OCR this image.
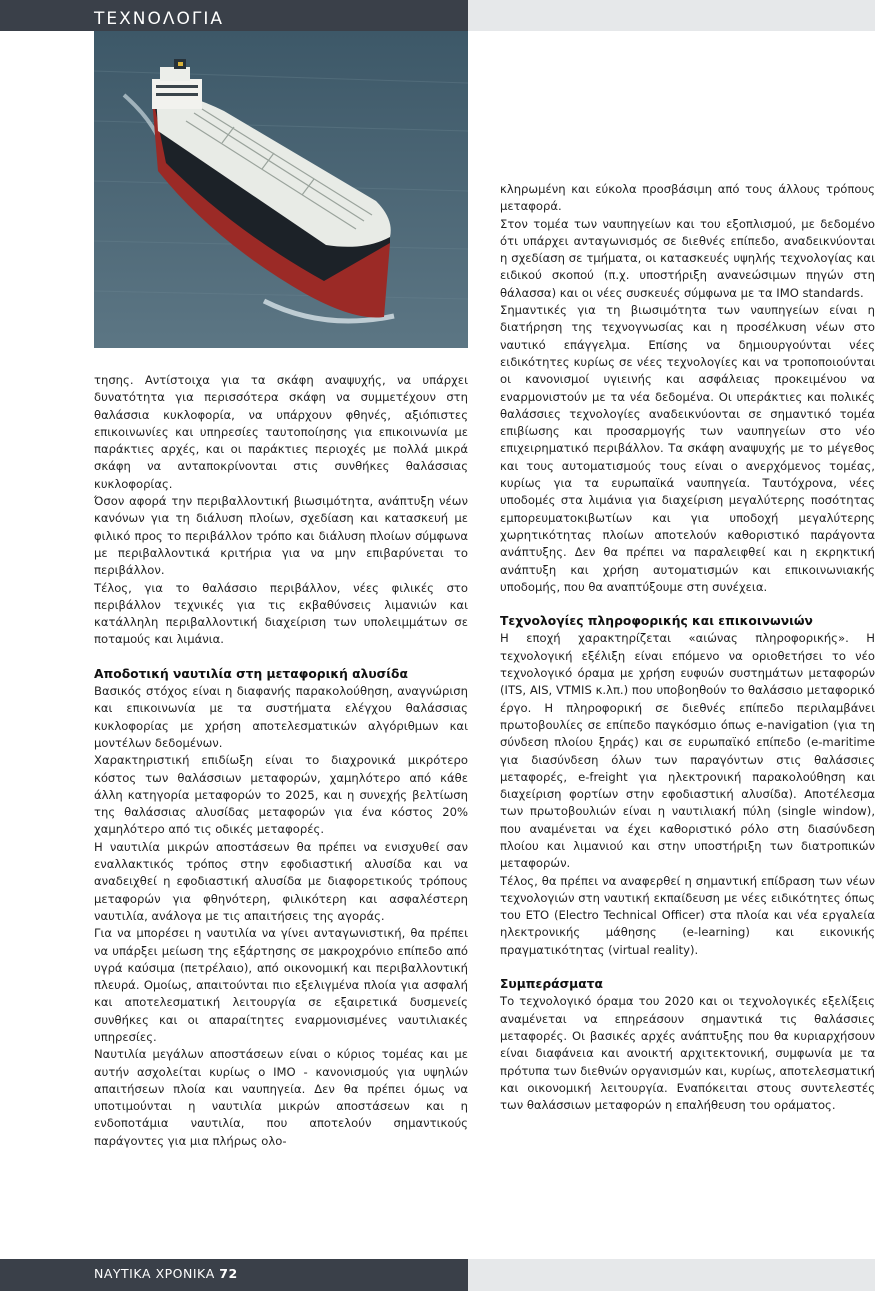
ΤΕΧΝΟΛΟΓΙΑ

τησης. Αντίστοιχα για τα σκάφη αναψυχής, να υπάρχει δυνατότητα για περισσότερα σκάφη να συμμετέχουν στη θαλάσσια κυκλοφορία, να υπάρχουν φθηνές, αξιόπιστες επικοινωνίες και υπηρεσίες ταυτοποίησης για επικοινωνία με παράκτιες αρχές, και οι παράκτιες περιοχές με πολλά μικρά σκάφη να ανταποκρίνονται στις συνθήκες θαλάσσιας κυκλοφορίας.

Όσον αφορά την περιβαλλοντική βιωσιμότητα, ανάπτυξη νέων κανόνων για τη διάλυση πλοίων, σχεδίαση και κατασκευή με φιλικό προς το περιβάλλον τρόπο και διάλυση πλοίων σύμφωνα με περιβαλλοντικά κριτήρια για να μην επιβαρύνεται το περιβάλλον.

Τέλος, για το θαλάσσιο περιβάλλον, νέες φιλικές στο περιβάλλον τεχνικές για τις εκβαθύνσεις λιμανιών και κατάλληλη περιβαλλοντική διαχείριση των υπολειμμάτων σε ποταμούς και λιμάνια.

Αποδοτική ναυτιλία στη μεταφορική αλυσίδα

Βασικός στόχος είναι η διαφανής παρακολούθηση, αναγνώριση και επικοινωνία με τα συστήματα ελέγχου θαλάσσιας κυκλοφορίας με χρήση αποτελεσματικών αλγόριθμων και μοντέλων δεδομένων.

Χαρακτηριστική επιδίωξη είναι το διαχρονικά μικρότερο κόστος των θαλάσσιων μεταφορών, χαμηλότερο από κάθε άλλη κατηγορία μεταφορών το 2025, και η συνεχής βελτίωση της θαλάσσιας αλυσίδας μεταφορών για ένα κόστος 20% χαμηλότερο από τις οδικές μεταφορές.

Η ναυτιλία μικρών αποστάσεων θα πρέπει να ενισχυθεί σαν εναλλακτικός τρόπος στην εφοδιαστική αλυσίδα και να αναδειχθεί η εφοδιαστική αλυσίδα με διαφορετικούς τρόπους μεταφορών για φθηνότερη, φιλικότερη και ασφαλέστερη ναυτιλία, ανάλογα με τις απαιτήσεις της αγοράς.

Για να μπορέσει η ναυτιλία να γίνει ανταγωνιστική, θα πρέπει να υπάρξει μείωση της εξάρτησης σε μακροχρόνιο επίπεδο από υγρά καύσιμα (πετρέλαιο), από οικονομική και περιβαλλοντική πλευρά. Ομοίως, απαιτούνται πιο εξελιγμένα πλοία για ασφαλή και αποτελεσματική λειτουργία σε εξαιρετικά δυσμενείς συνθήκες και οι απαραίτητες εναρμονισμένες ναυτιλιακές υπηρεσίες.

Ναυτιλία μεγάλων αποστάσεων είναι ο κύριος τομέας και με αυτήν ασχολείται κυρίως ο IMO - κανονισμούς για υψηλών απαιτήσεων πλοία και ναυπηγεία. Δεν θα πρέπει όμως να υποτιμούνται η ναυτιλία μικρών αποστάσεων και η ενδοποτάμια ναυτιλία, που αποτελούν σημαντικούς παράγοντες για μια πλήρως ολο-

κληρωμένη και εύκολα προσβάσιμη από τους άλλους τρόπους μεταφορά.

Στον τομέα των ναυπηγείων και του εξοπλισμού, με δεδομένο ότι υπάρχει ανταγωνισμός σε διεθνές επίπεδο, αναδεικνύονται η σχεδίαση σε τμήματα, οι κατασκευές υψηλής τεχνολογίας και ειδικού σκοπού (π.χ. υποστήριξη ανανεώσιμων πηγών στη θάλασσα) και οι νέες συσκευές σύμφωνα με τα IMO standards.

Σημαντικές για τη βιωσιμότητα των ναυπηγείων είναι η διατήρηση της τεχνογνωσίας και η προσέλκυση νέων στο ναυτικό επάγγελμα. Επίσης να δημιουργούνται νέες ειδικότητες κυρίως σε νέες τεχνολογίες και να τροποποιούνται οι κανονισμοί υγιεινής και ασφάλειας προκειμένου να εναρμονιστούν με τα νέα δεδομένα. Οι υπεράκτιες και πολικές θαλάσσιες τεχνολογίες αναδεικνύονται σε σημαντικό τομέα επιβίωσης και προσαρμογής των ναυπηγείων στο νέο επιχειρηματικό περιβάλλον. Τα σκάφη αναψυχής με το μέγεθος και τους αυτοματισμούς τους είναι ο ανερχόμενος τομέας, κυρίως για τα ευρωπαϊκά ναυπηγεία. Ταυτόχρονα, νέες υποδομές στα λιμάνια για διαχείριση μεγαλύτερης ποσότητας εμπορευματοκιβωτίων και για υποδοχή μεγαλύτερης χωρητικότητας πλοίων αποτελούν καθοριστικό παράγοντα ανάπτυξης. Δεν θα πρέπει να παραλειφθεί και η εκρηκτική ανάπτυξη και χρήση αυτοματισμών και επικοινωνιακής υποδομής, που θα αναπτύξουμε στη συνέχεια.

Τεχνολογίες πληροφορικής και επικοινωνιών

Η εποχή χαρακτηρίζεται «αιώνας πληροφορικής». Η τεχνολογική εξέλιξη είναι επόμενο να οριοθετήσει το νέο τεχνολογικό όραμα με χρήση ευφυών συστημάτων μεταφορών (ITS, AIS, VTMIS κ.λπ.) που υποβοηθούν το θαλάσσιο μεταφορικό έργο. Η πληροφορική σε διεθνές επίπεδο περιλαμβάνει πρωτοβουλίες σε επίπεδο παγκόσμιο όπως e-navigation (για τη σύνδεση πλοίου ξηράς) και σε ευρωπαϊκό επίπεδο (e-maritime για διασύνδεση όλων των παραγόντων στις θαλάσσιες μεταφορές, e-freight για ηλεκτρονική παρακολούθηση και διαχείριση φορτίων στην εφοδιαστική αλυσίδα). Αποτέλεσμα των πρωτοβουλιών είναι η ναυτιλιακή πύλη (single window), που αναμένεται να έχει καθοριστικό ρόλο στη διασύνδεση πλοίου και λιμανιού και στην υποστήριξη των διατροπικών μεταφορών.

Τέλος, θα πρέπει να αναφερθεί η σημαντική επίδραση των νέων τεχνολογιών στη ναυτική εκπαίδευση με νέες ειδικότητες όπως του ETO (Electro Technical Officer) στα πλοία και νέα εργαλεία ηλεκτρονικής μάθησης (e-learning) και εικονικής πραγματικότητας (virtual reality).

Συμπεράσματα

Το τεχνολογικό όραμα του 2020 και οι τεχνολογικές εξελίξεις αναμένεται να επηρεάσουν σημαντικά τις θαλάσσιες μεταφορές. Οι βασικές αρχές ανάπτυξης που θα κυριαρχήσουν είναι διαφάνεια και ανοικτή αρχιτεκτονική, συμφωνία με τα πρότυπα των διεθνών οργανισμών και, κυρίως, αποτελεσματική και οικονομική λειτουργία. Εναπόκειται στους συντελεστές των θαλάσσιων μεταφορών η επαλήθευση του οράματος.

ΝΑΥΤΙΚΑ ΧΡΟΝΙΚΑ 72
